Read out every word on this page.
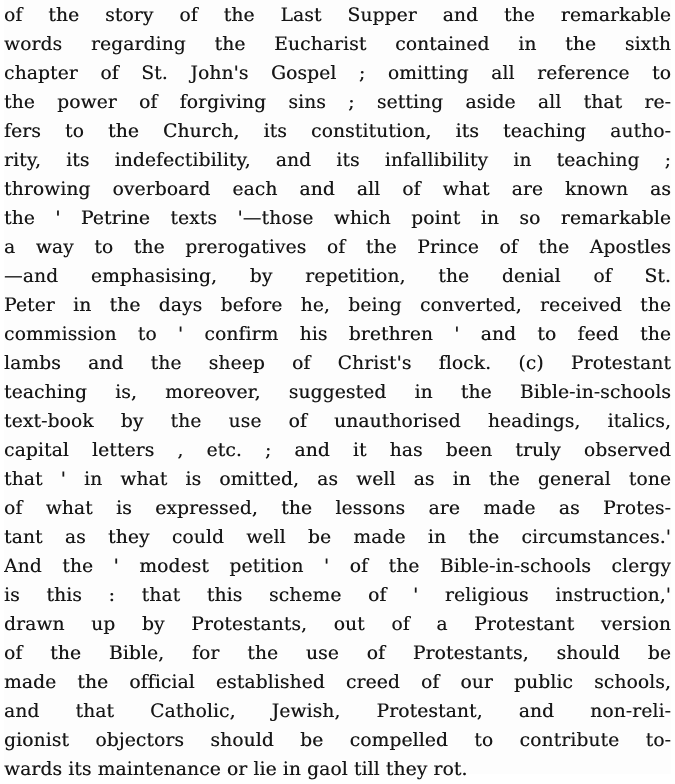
of the story of the Last Supper and the remarkable
words regarding the Eucharist contained in the sixth
chapter of St. John's Gospel ; omitting all reference to
the power of forgiving sins ; setting aside all that re-
fers to the Church, its constitution, its teaching autho-
rity, its indefectibility, and its infallibility in teaching ;
throwing overboard each and all of what are known as
the ' Petrine texts '—those which point in so remarkable
a way to the prerogatives of the Prince of the Apostles
—and emphasising, by repetition, the denial of St.
Peter in the days before he, being converted, received the
commission to ' confirm his brethren ' and to feed the
lambs and the sheep of Christ's flock. (c) Protestant
teaching is, moreover, suggested in the Bible-in-schools
text-book by the use of unauthorised headings, italics,
capital letters , etc. ; and it has been truly observed
that ' in what is omitted, as well as in the general tone
of what is expressed, the lessons are made as Protes-
tant as they could well be made in the circumstances.'
And the ' modest petition ' of the Bible-in-schools clergy
is this : that this scheme of ' religious instruction,'
drawn up by Protestants, out of a Protestant version
of the Bible, for the use of Protestants, should be
made the official established creed of our public schools,
and that Catholic, Jewish, Protestant, and non-reli-
gionist objectors should be compelled to contribute to-
wards its maintenance or lie in gaol till they rot.
